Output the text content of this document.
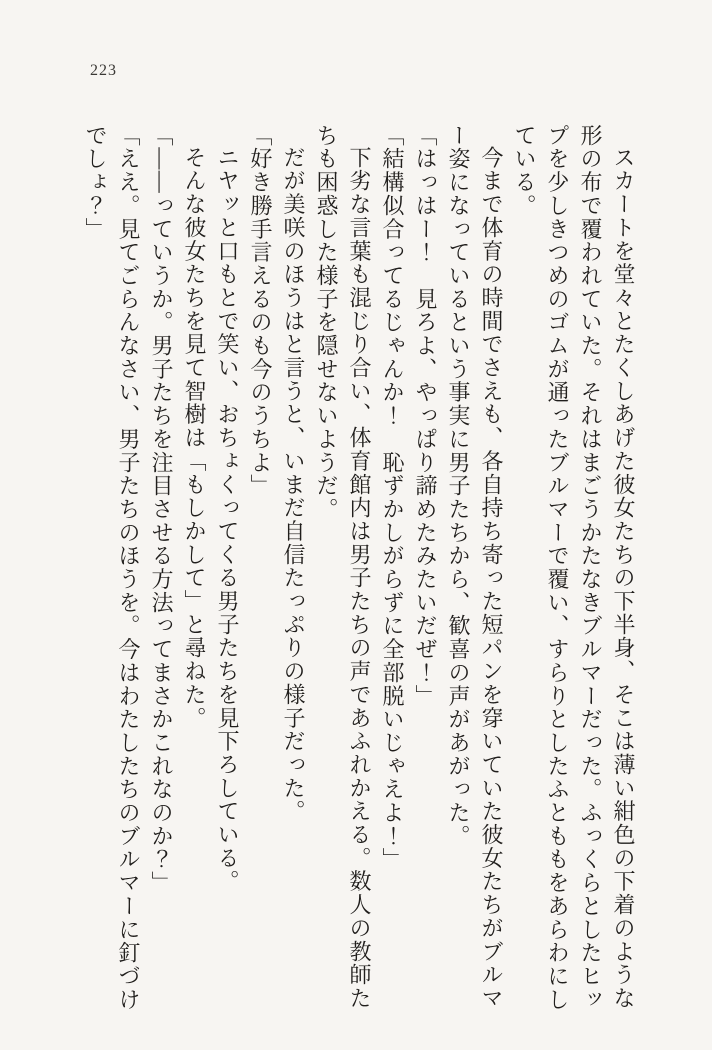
223

スカートを堂々とたくしあげた彼女たちの下半身、そこは薄い紺色の下着のような形の布で覆われていた。それはまごうかたなきブルマーだった。ふっくらとしたヒップを少しきつめのゴムが通ったブルマーで覆い、すらりとしたふとももをあらわにしている。

今まで体育の時間でさえも、各自持ち寄った短パンを穿いていた彼女たちがブルマー姿になっているという事実に男子たちから、歓喜の声があがった。

「はっはー！　見ろよ、やっぱり諦めたみたいだぜ！」

「結構似合ってるじゃんか！　恥ずかしがらずに全部脱いじゃえよ！」

下劣な言葉も混じり合い、体育館内は男子たちの声であふれかえる。数人の教師たちも困惑した様子を隠せないようだ。

だが美咲のほうはと言うと、いまだ自信たっぷりの様子だった。

「好き勝手言えるのも今のうちよ」

ニヤッと口もとで笑い、おちょくってくる男子たちを見下ろしている。

そんな彼女たちを見て智樹は「もしかして」と尋ねた。

「――っていうか。男子たちを注目させる方法ってまさかこれなのか？」

「ええ。見てごらんなさい、男子たちのほうを。今はわたしたちのブルマーに釘づけでしょ？」
